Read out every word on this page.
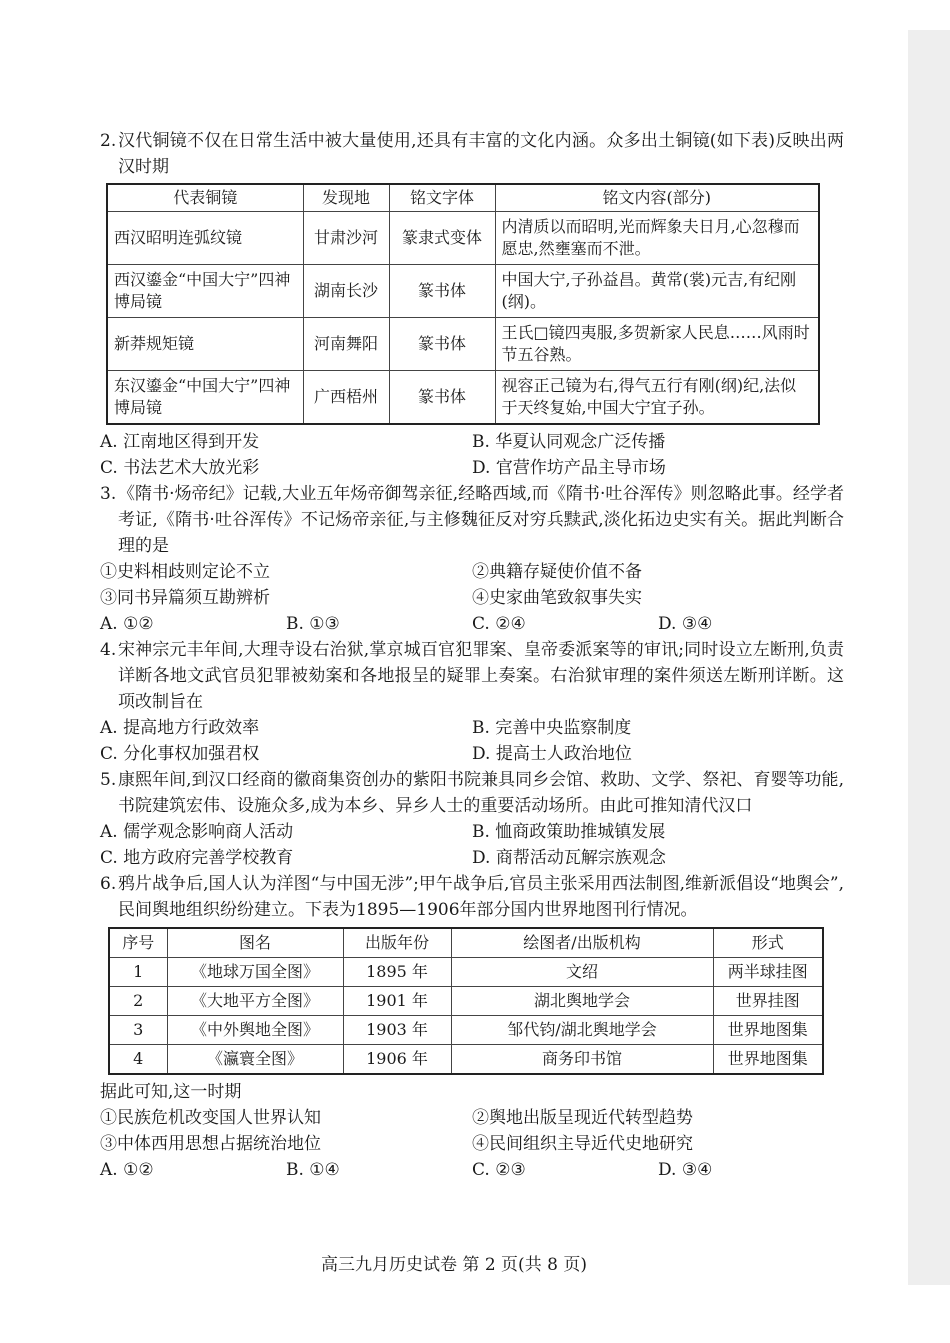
2. 汉代铜镜不仅在日常生活中被大量使用,还具有丰富的文化内涵。众多出土铜镜(如下表)反映出两汉时期
代表铜镜	发现地	铭文字体	铭文内容(部分)
西汉昭明连弧纹镜	甘肃沙河	篆隶式变体	内清质以而昭明,光而辉象夫日月,心忽穆而愿忠,然壅塞而不泄。
西汉鎏金“中国大宁”四神博局镜	湖南长沙	篆书体	中国大宁,子孙益昌。黄常(裳)元吉,有纪刚(纲)。
新莽规矩镜	河南舞阳	篆书体	王氏□镜四夷服,多贺新家人民息……风雨时节五谷熟。
东汉鎏金“中国大宁”四神博局镜	广西梧州	篆书体	视容正己镜为右,得气五行有刚(纲)纪,法似于天终复始,中国大宁宜子孙。
A. 江南地区得到开发	B. 华夏认同观念广泛传播
C. 书法艺术大放光彩	D. 官营作坊产品主导市场
3. 《隋书·炀帝纪》记载,大业五年炀帝御驾亲征,经略西域,而《隋书·吐谷浑传》则忽略此事。经学者考证,《隋书·吐谷浑传》不记炀帝亲征,与主修魏征反对穷兵黩武,淡化拓边史实有关。据此判断合理的是
①史料相歧则定论不立	②典籍存疑使价值不备
③同书异篇须互勘辨析	④史家曲笔致叙事失实
A. ①②	B. ①③	C. ②④	D. ③④
4. 宋神宗元丰年间,大理寺设右治狱,掌京城百官犯罪案、皇帝委派案等的审讯;同时设立左断刑,负责详断各地文武官员犯罪被劾案和各地报呈的疑罪上奏案。右治狱审理的案件须送左断刑详断。这项改制旨在
A. 提高地方行政效率	B. 完善中央监察制度
C. 分化事权加强君权	D. 提高士人政治地位
5. 康熙年间,到汉口经商的徽商集资创办的紫阳书院兼具同乡会馆、救助、文学、祭祀、育婴等功能,书院建筑宏伟、设施众多,成为本乡、异乡人士的重要活动场所。由此可推知清代汉口
A. 儒学观念影响商人活动	B. 恤商政策助推城镇发展
C. 地方政府完善学校教育	D. 商帮活动瓦解宗族观念
6. 鸦片战争后,国人认为洋图“与中国无涉”;甲午战争后,官员主张采用西法制图,维新派倡设“地舆会”,民间舆地组织纷纷建立。下表为1895—1906年部分国内世界地图刊行情况。
序号	图名	出版年份	绘图者/出版机构	形式
1	《地球万国全图》	1895 年	文绍	两半球挂图
2	《大地平方全图》	1901 年	湖北舆地学会	世界挂图
3	《中外舆地全图》	1903 年	邹代钧/湖北舆地学会	世界地图集
4	《瀛寰全图》	1906 年	商务印书馆	世界地图集
据此可知,这一时期
①民族危机改变国人世界认知	②舆地出版呈现近代转型趋势
③中体西用思想占据统治地位	④民间组织主导近代史地研究
A. ①②	B. ①④	C. ②③	D. ③④
高三九月历史试卷 第 2 页(共 8 页)
